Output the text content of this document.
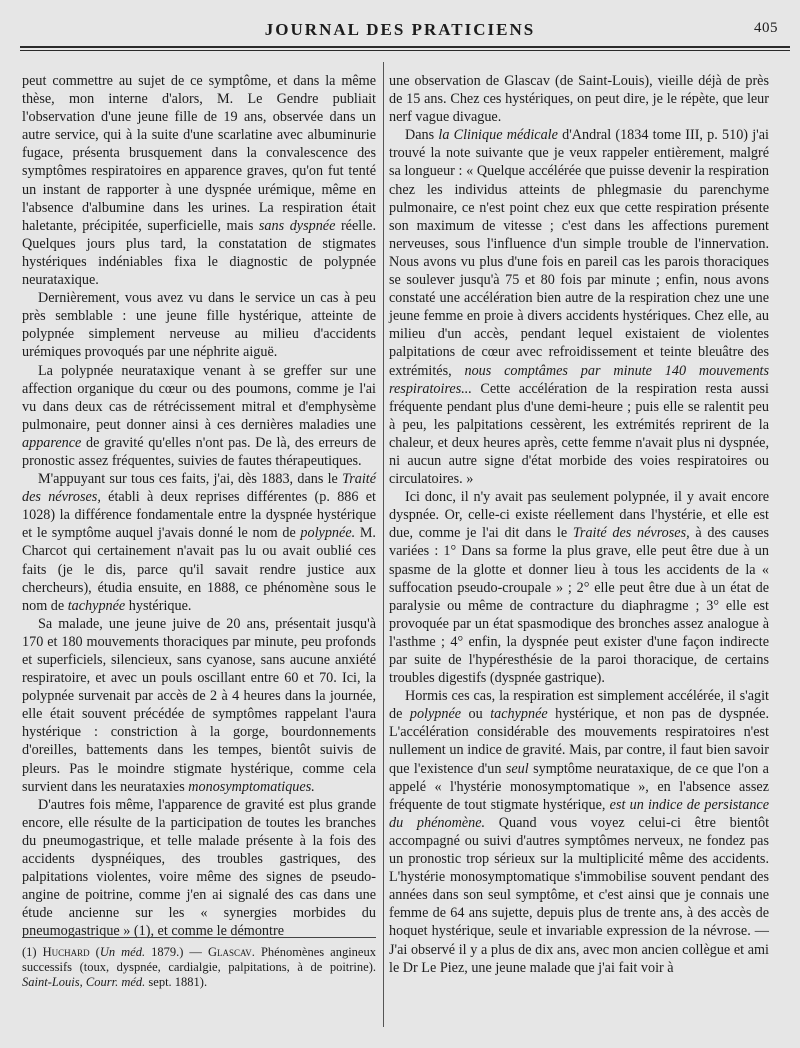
JOURNAL DES PRATICIENS	405

peut commettre au sujet de ce symptôme, et dans la même thèse, mon interne d'alors, M. Le Gendre publiait l'observation d'une jeune fille de 19 ans, observée dans un autre service, qui à la suite d'une scarlatine avec albuminurie fugace, présenta brusquement dans la convalescence des symptômes respiratoires en apparence graves, qu'on fut tenté un instant de rapporter à une dyspnée urémique, même en l'absence d'albumine dans les urines. La respiration était haletante, précipitée, superficielle, mais sans dyspnée réelle. Quelques jours plus tard, la constatation de stigmates hystériques indéniables fixa le diagnostic de polypnée neurataxique.

Dernièrement, vous avez vu dans le service un cas à peu près semblable : une jeune fille hystérique, atteinte de polypnée simplement nerveuse au milieu d'accidents urémiques provoqués par une néphrite aiguë.

La polypnée neurataxique venant à se greffer sur une affection organique du cœur ou des poumons, comme je l'ai vu dans deux cas de rétrécissement mitral et d'emphysème pulmonaire, peut donner ainsi à ces dernières maladies une apparence de gravité qu'elles n'ont pas. De là, des erreurs de pronostic assez fréquentes, suivies de fautes thérapeutiques.

M'appuyant sur tous ces faits, j'ai, dès 1883, dans le Traité des névroses, établi à deux reprises différentes (p. 886 et 1028) la différence fondamentale entre la dyspnée hystérique et le symptôme auquel j'avais donné le nom de polypnée. M. Charcot qui certainement n'avait pas lu ou avait oublié ces faits (je le dis, parce qu'il savait rendre justice aux chercheurs), étudia ensuite, en 1888, ce phénomène sous le nom de tachypnée hystérique.

Sa malade, une jeune juive de 20 ans, présentait jusqu'à 170 et 180 mouvements thoraciques par minute, peu profonds et superficiels, silencieux, sans cyanose, sans aucune anxiété respiratoire, et avec un pouls oscillant entre 60 et 70. Ici, la polypnée survenait par accès de 2 à 4 heures dans la journée, elle était souvent précédée de symptômes rappelant l'aura hystérique : constriction à la gorge, bourdonnements d'oreilles, battements dans les tempes, bientôt suivis de pleurs. Pas le moindre stigmate hystérique, comme cela survient dans les neurataxies monosymptomatiques.

D'autres fois même, l'apparence de gravité est plus grande encore, elle résulte de la participation de toutes les branches du pneumogastrique, et telle malade présente à la fois des accidents dyspnéiques, des troubles gastriques, des palpitations violentes, voire même des signes de pseudo-angine de poitrine, comme j'en ai signalé des cas dans une étude ancienne sur les « synergies morbides du pneumogastrique » (1), et comme le démontre

(1) Huchard (Un méd. 1879.) — Glascav. Phénomènes angineux successifs (toux, dyspnée, cardialgie, palpitations, à de poitrine). Saint-Louis, Courr. méd. sept. 1881).

une observation de Glascav (de Saint-Louis), vieille déjà de près de 15 ans. Chez ces hystériques, on peut dire, je le répète, que leur nerf vague divague.

Dans la Clinique médicale d'Andral (1834 tome III, p. 510) j'ai trouvé la note suivante que je veux rappeler entièrement, malgré sa longueur : « Quelque accélérée que puisse devenir la respiration chez les individus atteints de phlegmasie du parenchyme pulmonaire, ce n'est point chez eux que cette respiration présente son maximum de vitesse ; c'est dans les affections purement nerveuses, sous l'influence d'un simple trouble de l'innervation. Nous avons vu plus d'une fois en pareil cas les parois thoraciques se soulever jusqu'à 75 et 80 fois par minute ; enfin, nous avons constaté une accélération bien autre de la respiration chez une une jeune femme en proie à divers accidents hystériques. Chez elle, au milieu d'un accès, pendant lequel existaient de violentes palpitations de cœur avec refroidissement et teinte bleuâtre des extrémités, nous comptâmes par minute 140 mouvements respiratoires... Cette accélération de la respiration resta aussi fréquente pendant plus d'une demi-heure ; puis elle se ralentit peu à peu, les palpitations cessèrent, les extrémités reprirent de la chaleur, et deux heures après, cette femme n'avait plus ni dyspnée, ni aucun autre signe d'état morbide des voies respiratoires ou circulatoires. »

Ici donc, il n'y avait pas seulement polypnée, il y avait encore dyspnée. Or, celle-ci existe réellement dans l'hystérie, et elle est due, comme je l'ai dit dans le Traité des névroses, à des causes variées : 1° Dans sa forme la plus grave, elle peut être due à un spasme de la glotte et donner lieu à tous les accidents de la « suffocation pseudo-croupale » ; 2° elle peut être due à un état de paralysie ou même de contracture du diaphragme ; 3° elle est provoquée par un état spasmodique des bronches assez analogue à l'asthme ; 4° enfin, la dyspnée peut exister d'une façon indirecte par suite de l'hypéresthésie de la paroi thoracique, de certains troubles digestifs (dyspnée gastrique).

Hormis ces cas, la respiration est simplement accélérée, il s'agit de polypnée ou tachypnée hystérique, et non pas de dyspnée. L'accélération considérable des mouvements respiratoires n'est nullement un indice de gravité. Mais, par contre, il faut bien savoir que l'existence d'un seul symptôme neurataxique, de ce que l'on a appelé « l'hystérie monosymptomatique », en l'absence assez fréquente de tout stigmate hystérique, est un indice de persistance du phénomène. Quand vous voyez celui-ci être bientôt accompagné ou suivi d'autres symptômes nerveux, ne fondez pas un pronostic trop sérieux sur la multiplicité même des accidents. L'hystérie monosymptomatique s'immobilise souvent pendant des années dans son seul symptôme, et c'est ainsi que je connais une femme de 64 ans sujette, depuis plus de trente ans, à des accès de hoquet hystérique, seule et invariable expression de la névrose. — J'ai observé il y a plus de dix ans, avec mon ancien collègue et ami le Dr Le Piez, une jeune malade que j'ai fait voir à
